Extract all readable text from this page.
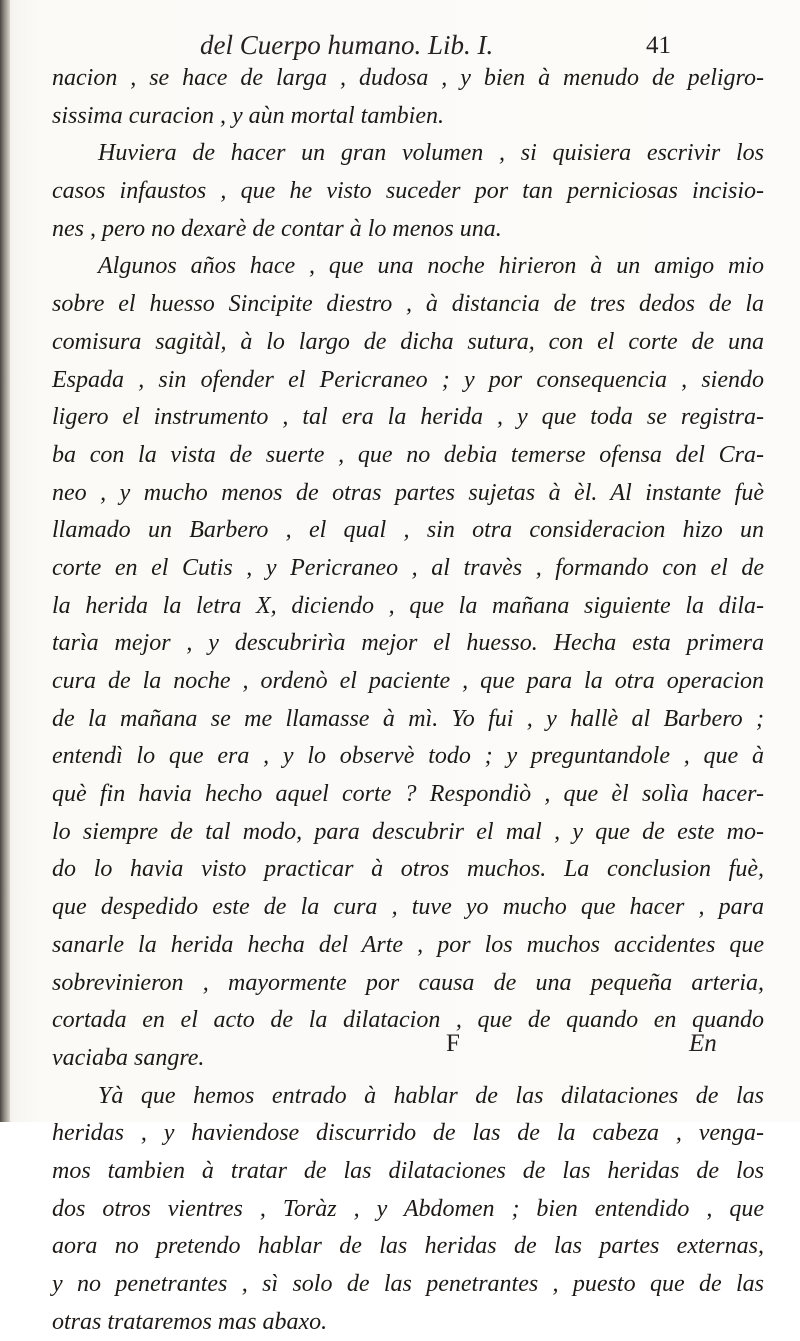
del Cuerpo humano. Lib. I.	41
nacion , se hace de larga , dudosa , y bien à menudo de peligro-
sissima curacion , y aùn mortal tambien.
Huviera de hacer un gran volumen , si quisiera escrivir los
casos infaustos , que he visto suceder por tan perniciosas incisio-
nes , pero no dexarè de contar à lo menos una.
Algunos años hace , que una noche hirieron à un amigo mio
sobre el huesso Sincipite diestro , à distancia de tres dedos de la
comisura sagitàl, à lo largo de dicha sutura, con el corte de una
Espada , sin ofender el Pericraneo ; y por consequencia , siendo
ligero el instrumento , tal era la herida , y que toda se registra-
ba con la vista de suerte , que no debia temerse ofensa del Cra-
neo , y mucho menos de otras partes sujetas à èl. Al instante fuè
llamado un Barbero , el qual , sin otra consideracion hizo un
corte en el Cutis , y Pericraneo , al travès , formando con el de
la herida la letra X, diciendo , que la mañana siguiente la dila-
tarìa mejor , y descubrirìa mejor el huesso. Hecha esta primera
cura de la noche , ordenò el paciente , que para la otra operacion
de la mañana se me llamasse à mì. Yo fui , y hallè al Barbero ;
entendì lo que era , y lo observè todo ; y preguntandole , que à
què fin havia hecho aquel corte ? Respondiò , que èl solìa hacer-
lo siempre de tal modo, para descubrir el mal , y que de este mo-
do lo havia visto practicar à otros muchos. La conclusion fuè,
que despedido este de la cura , tuve yo mucho que hacer , para
sanarle la herida hecha del Arte , por los muchos accidentes que
sobrevinieron , mayormente por causa de una pequeña arteria,
cortada en el acto de la dilatacion , que de quando en quando
vaciaba sangre.
Yà que hemos entrado à hablar de las dilataciones de las
heridas , y haviendose discurrido de las de la cabeza , venga-
mos tambien à tratar de las dilataciones de las heridas de los
dos otros vientres , Toràz , y Abdomen ; bien entendido , que
aora no pretendo hablar de las heridas de las partes externas,
y no penetrantes , sì solo de las penetrantes , puesto que de las
otras trataremos mas abaxo.
F	En
